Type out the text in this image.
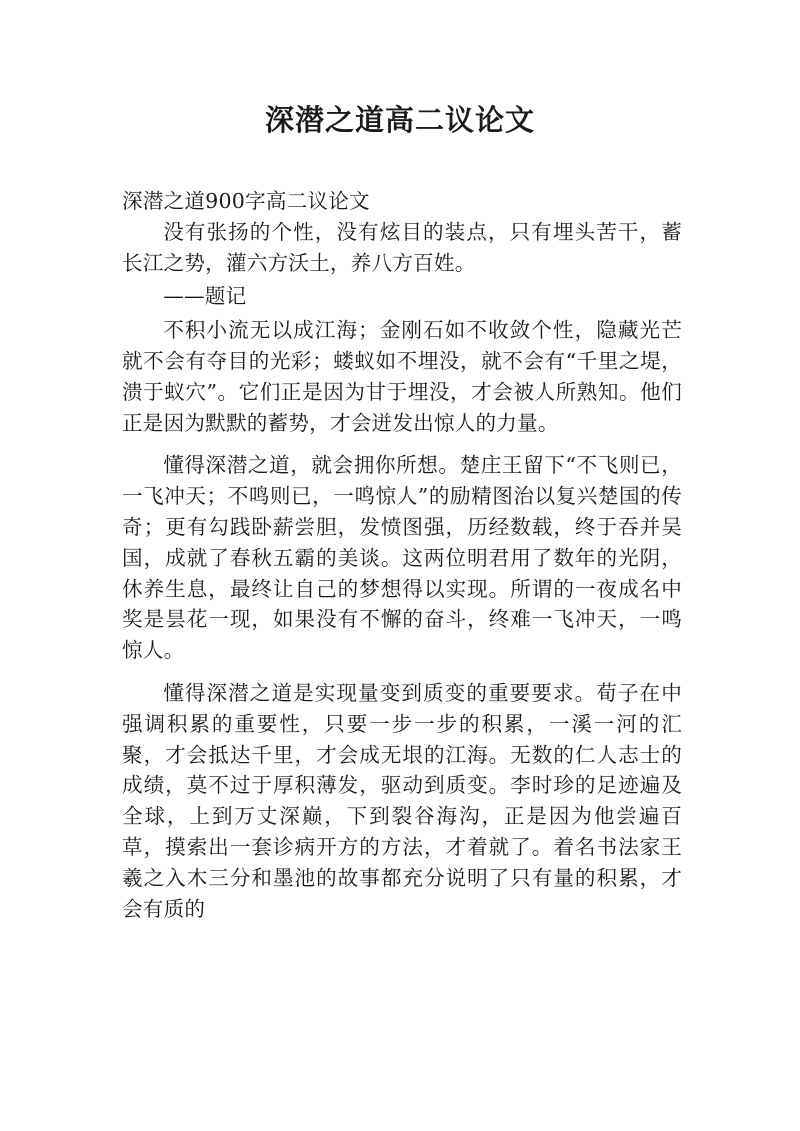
深潜之道高二议论文

深潜之道900字高二议论文

没有张扬的个性，没有炫目的装点，只有埋头苦干，蓄长江之势，灌六方沃土，养八方百姓。

——题记

不积小流无以成江海；金刚石如不收敛个性，隐藏光芒就不会有夺目的光彩；蝼蚁如不埋没，就不会有“千里之堤，溃于蚁穴”。它们正是因为甘于埋没，才会被人所熟知。他们正是因为默默的蓄势，才会迸发出惊人的力量。

懂得深潜之道，就会拥你所想。楚庄王留下“不飞则已，一飞冲天；不鸣则已，一鸣惊人”的励精图治以复兴楚国的传奇；更有勾践卧薪尝胆，发愤图强，历经数载，终于吞并吴国，成就了春秋五霸的美谈。这两位明君用了数年的光阴，休养生息，最终让自己的梦想得以实现。所谓的一夜成名中奖是昙花一现，如果没有不懈的奋斗，终难一飞冲天，一鸣惊人。

懂得深潜之道是实现量变到质变的重要要求。荀子在中强调积累的重要性，只要一步一步的积累，一溪一河的汇聚，才会抵达千里，才会成无垠的江海。无数的仁人志士的成绩，莫不过于厚积薄发，驱动到质变。李时珍的足迹遍及全球，上到万丈深巅，下到裂谷海沟，正是因为他尝遍百草，摸索出一套诊病开方的方法，才着就了。着名书法家王羲之入木三分和墨池的故事都充分说明了只有量的积累，才会有质的
